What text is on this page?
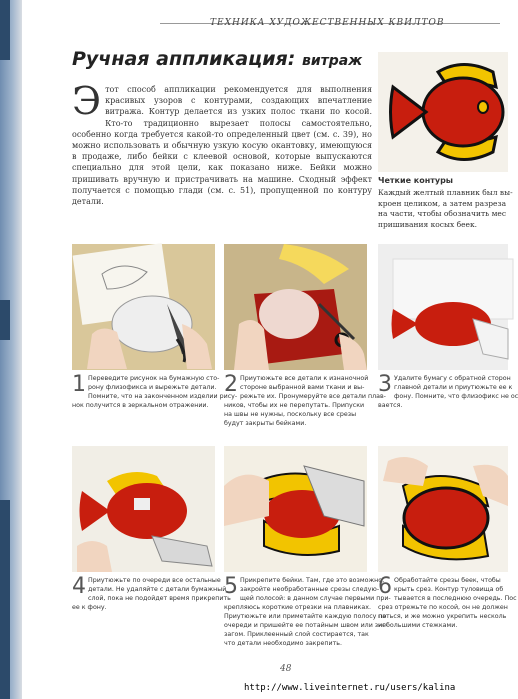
ТЕХНИКА ХУДОЖЕСТВЕННЫХ КВИЛТОВ
Ручная аппликация: витраж
Э тот способ аппликации рекомендуется для выполнения красивых узоров с контурами, создающих впечатление витража. Контур делается из узких полос ткани по косой. Кто-то традиционно вырезает полосы самостоятельно, особенно когда требуется какой-то определенный цвет (см. с. 39), но можно использовать и обычную узкую косую окантовку, имеющуюся в продаже, либо бейки с клеевой основой, которые выпускаются специально для этой цели, как показано ниже. Бейки можно пришивать вручную и пристрачивать на машине. Сходный эффект получается с помощью глади (см. с. 51), пропущенной по контуру детали.
Четкие контуры
Каждый желтый плавник был вы-
кроен целиком, а затем разреза
на части, чтобы обозначить мес
пришивания косых беек.
1 Переведите рисунок на бумажную сто-
рону флизофикса и вырежьте детали.
Помните, что на законченном изделии рису-
нок получится в зеркальном отражении.
2 Приутюжьте все детали к изнаночной
стороне выбранной вами ткани и вы-
режьте их. Пронумеруйте все детали плав-
ников, чтобы их не перепутать. Припуски
на швы не нужны, поскольку все срезы
будут закрыты бейками.
3 Удалите бумагу с обратной сторон
главной детали и приутюжьте ее к
фону. Помните, что флизофикс не ос
вается.
4 Приутюжьте по очереди все остальные
детали. Не удаляйте с детали бумажный
слой, пока не подойдет время прикрепить
ее к фону.
5 Прикрепите бейки. Там, где это возможно,
закройте необработанные срезы следую-
щей полосой: в данном случае первыми при-
крепляюсь короткие отрезки на плавниках.
Приутюжьте или приметайте каждую полосу по
очереди и пришейте ее потайным швом или зиг-
загом. Приклеенный слой состирается, так
что детали необходимо закрепить.
6 Обработайте срезы беек, чтобы
крыть срез. Контур туловища об
тывается в последнюю очередь. Пос
срез отрежьте по косой, он не должен
паться, и же можно укрепить несколь
небольшими стежками.
48
http://www.liveinternet.ru/users/kalina
